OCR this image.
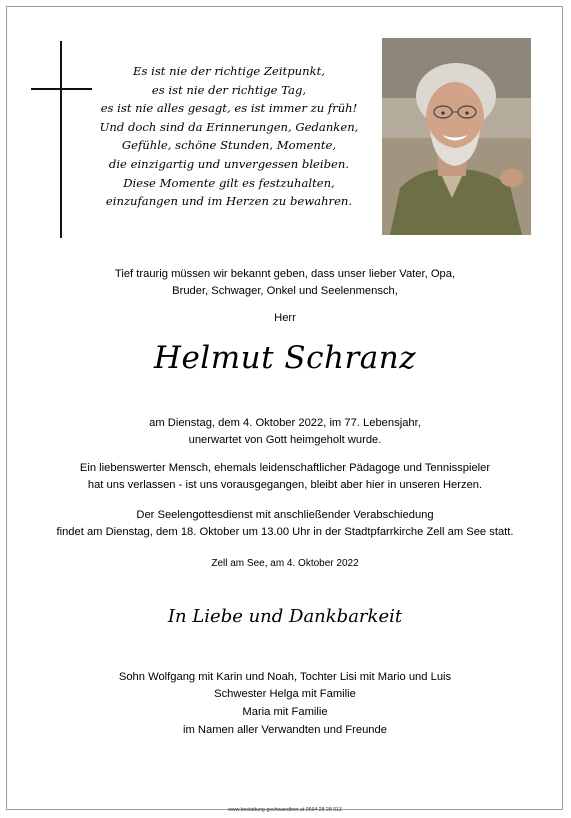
Es ist nie der richtige Zeitpunkt,
es ist nie der richtige Tag,
es ist nie alles gesagt, es ist immer zu früh!
Und doch sind da Erinnerungen, Gedanken,
Gefühle, schöne Stunden, Momente,
die einzigartig und unvergessen bleiben.
Diese Momente gilt es festzuhalten,
einzufangen und im Herzen zu bewahren.
Tief traurig müssen wir bekannt geben, dass unser lieber Vater, Opa,
Bruder, Schwager, Onkel und Seelenmensch,
Herr
Helmut Schranz
am Dienstag, dem 4. Oktober 2022, im 77. Lebensjahr,
unerwartet von Gott heimgeholt wurde.
Ein liebenswerter Mensch, ehemals leidenschaftlicher Pädagoge und Tennisspieler
hat uns verlassen - ist uns vorausgegangen, bleibt aber hier in unseren Herzen.
Der Seelengottesdienst mit anschließender Verabschiedung
findet am Dienstag, dem 18. Oktober um 13.00 Uhr in der Stadtpfarrkirche Zell am See statt.
Zell am See, am 4. Oktober 2022
In Liebe und Dankbarkeit
Sohn Wolfgang mit Karin und Noah, Tochter Lisi mit Mario und Luis
Schwester Helga mit Familie
Maria mit Familie
im Namen aller Verwandten und Freunde
www.bestattung-gschwandtner.at 0664 28 28 013
